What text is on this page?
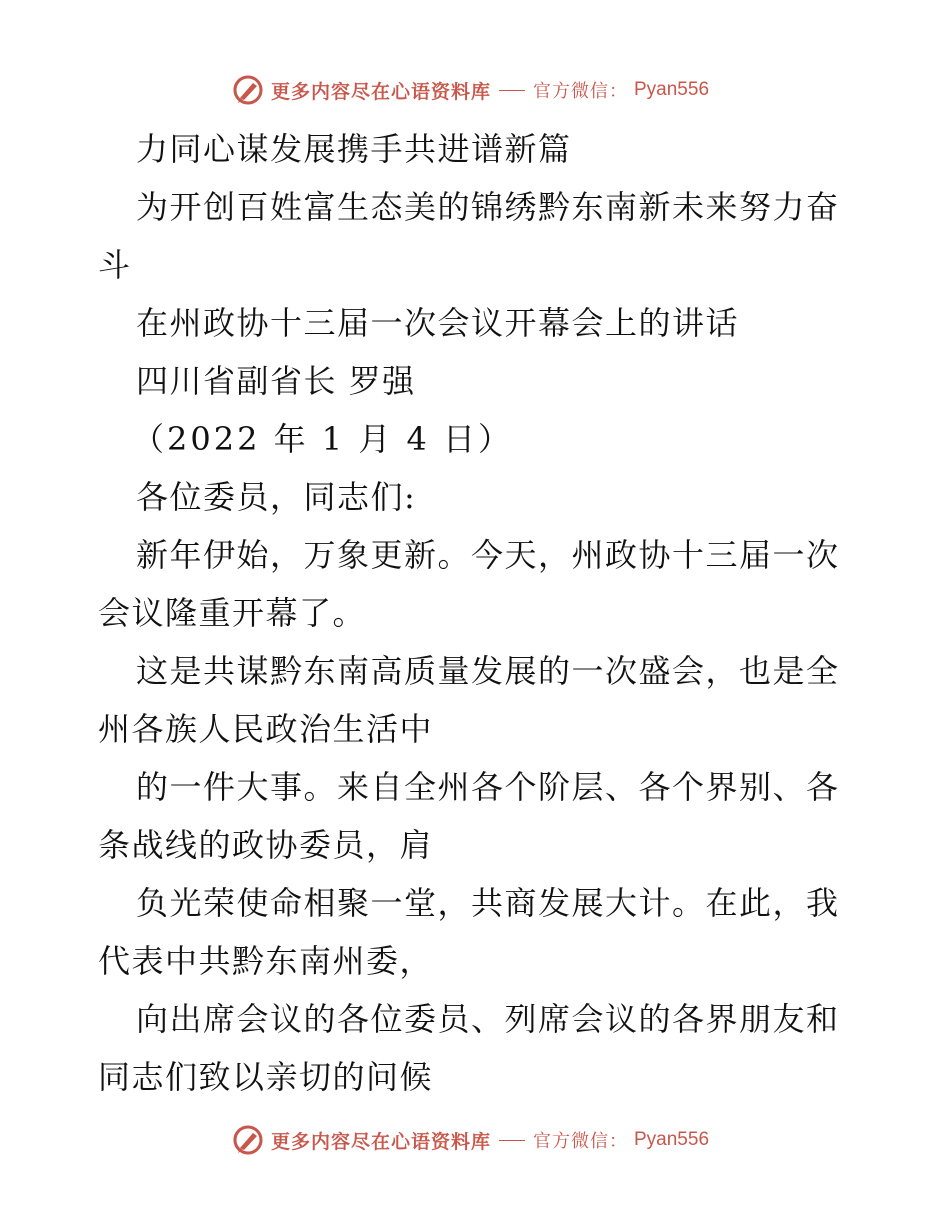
更多内容尽在心语资料库 官方微信： Pyan556
力同心谋发展携手共进谱新篇
为开创百姓富生态美的锦绣黔东南新未来努力奋
斗
在州政协十三届一次会议开幕会上的讲话
四川省副省长 罗强
（2022 年 1 月 4 日）
各位委员，同志们:
新年伊始，万象更新。今天，州政协十三届一次
会议隆重开幕了。
这是共谋黔东南高质量发展的一次盛会，也是全
州各族人民政治生活中
的一件大事。来自全州各个阶层、各个界别、各
条战线的政协委员，肩
负光荣使命相聚一堂，共商发展大计。在此，我
代表中共黔东南州委，
向出席会议的各位委员、列席会议的各界朋友和
同志们致以亲切的问候
更多内容尽在心语资料库 官方微信： Pyan556
